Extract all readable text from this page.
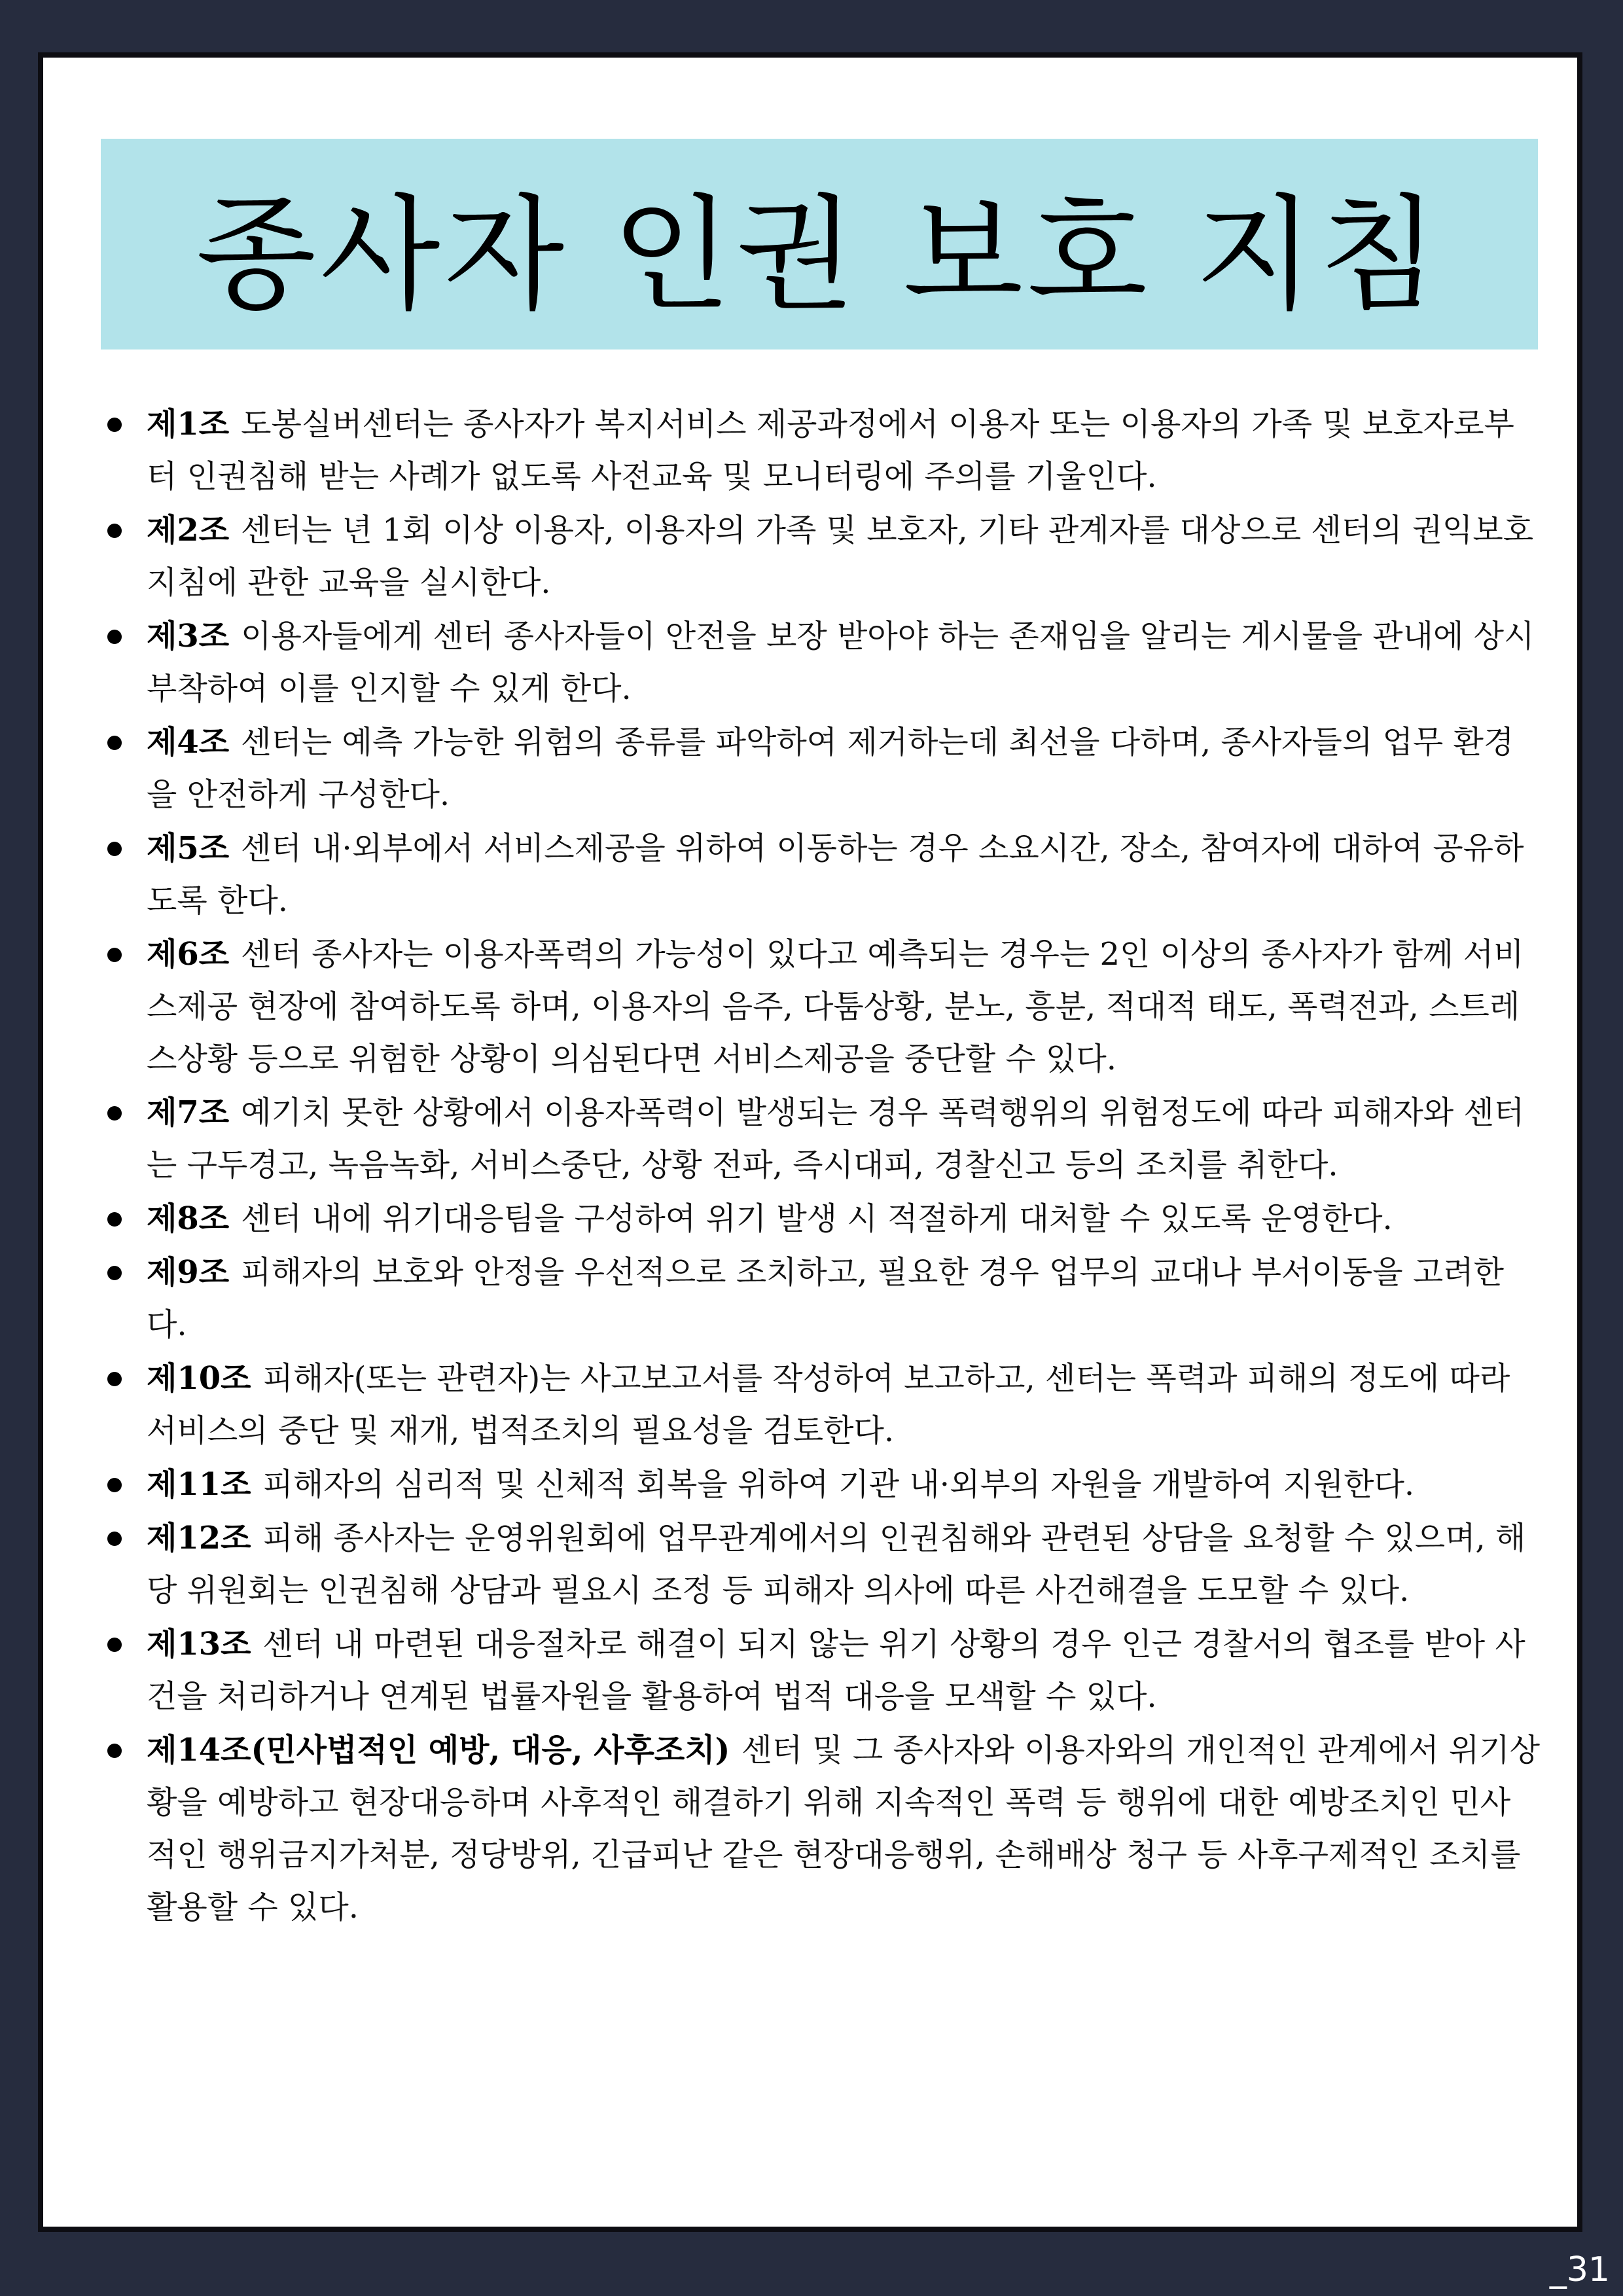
종사자 인권 보호 지침
제1조 도봉실버센터는 종사자가 복지서비스 제공과정에서 이용자 또는 이용자의 가족 및 보호자로부터 인권침해 받는 사례가 없도록 사전교육 및 모니터링에 주의를 기울인다.
제2조 센터는 년 1회 이상 이용자, 이용자의 가족 및 보호자, 기타 관계자를 대상으로 센터의 권익보호지침에 관한 교육을 실시한다.
제3조 이용자들에게 센터 종사자들이 안전을 보장 받아야 하는 존재임을 알리는 게시물을 관내에 상시 부착하여 이를 인지할 수 있게 한다.
제4조 센터는 예측 가능한 위험의 종류를 파악하여 제거하는데 최선을 다하며, 종사자들의 업무 환경을 안전하게 구성한다.
제5조 센터 내·외부에서 서비스제공을 위하여 이동하는 경우 소요시간, 장소, 참여자에 대하여 공유하도록 한다.
제6조 센터 종사자는 이용자폭력의 가능성이 있다고 예측되는 경우는 2인 이상의 종사자가 함께 서비스제공 현장에 참여하도록 하며, 이용자의 음주, 다툼상황, 분노, 흥분, 적대적 태도, 폭력전과, 스트레스상황 등으로 위험한 상황이 의심된다면 서비스제공을 중단할 수 있다.
제7조 예기치 못한 상황에서 이용자폭력이 발생되는 경우 폭력행위의 위험정도에 따라 피해자와 센터는 구두경고, 녹음녹화, 서비스중단, 상황 전파, 즉시대피, 경찰신고 등의 조치를 취한다.
제8조 센터 내에 위기대응팀을 구성하여 위기 발생 시 적절하게 대처할 수 있도록 운영한다.
제9조 피해자의 보호와 안정을 우선적으로 조치하고, 필요한 경우 업무의 교대나 부서이동을 고려한다.
제10조 피해자(또는 관련자)는 사고보고서를 작성하여 보고하고, 센터는 폭력과 피해의 정도에 따라 서비스의 중단 및 재개, 법적조치의 필요성을 검토한다.
제11조 피해자의 심리적 및 신체적 회복을 위하여 기관 내·외부의 자원을 개발하여 지원한다.
제12조 피해 종사자는 운영위원회에 업무관계에서의 인권침해와 관련된 상담을 요청할 수 있으며, 해당 위원회는 인권침해 상담과 필요시 조정 등 피해자 의사에 따른 사건해결을 도모할 수 있다.
제13조 센터 내 마련된 대응절차로 해결이 되지 않는 위기 상황의 경우 인근 경찰서의 협조를 받아 사건을 처리하거나 연계된 법률자원을 활용하여 법적 대응을 모색할 수 있다.
제14조(민사법적인 예방, 대응, 사후조치) 센터 및 그 종사자와 이용자와의 개인적인 관계에서 위기상황을 예방하고 현장대응하며 사후적인 해결하기 위해 지속적인 폭력 등 행위에 대한 예방조치인 민사적인 행위금지가처분, 정당방위, 긴급피난 같은 현장대응행위, 손해배상 청구 등 사후구제적인 조치를 활용할 수 있다.
_31
